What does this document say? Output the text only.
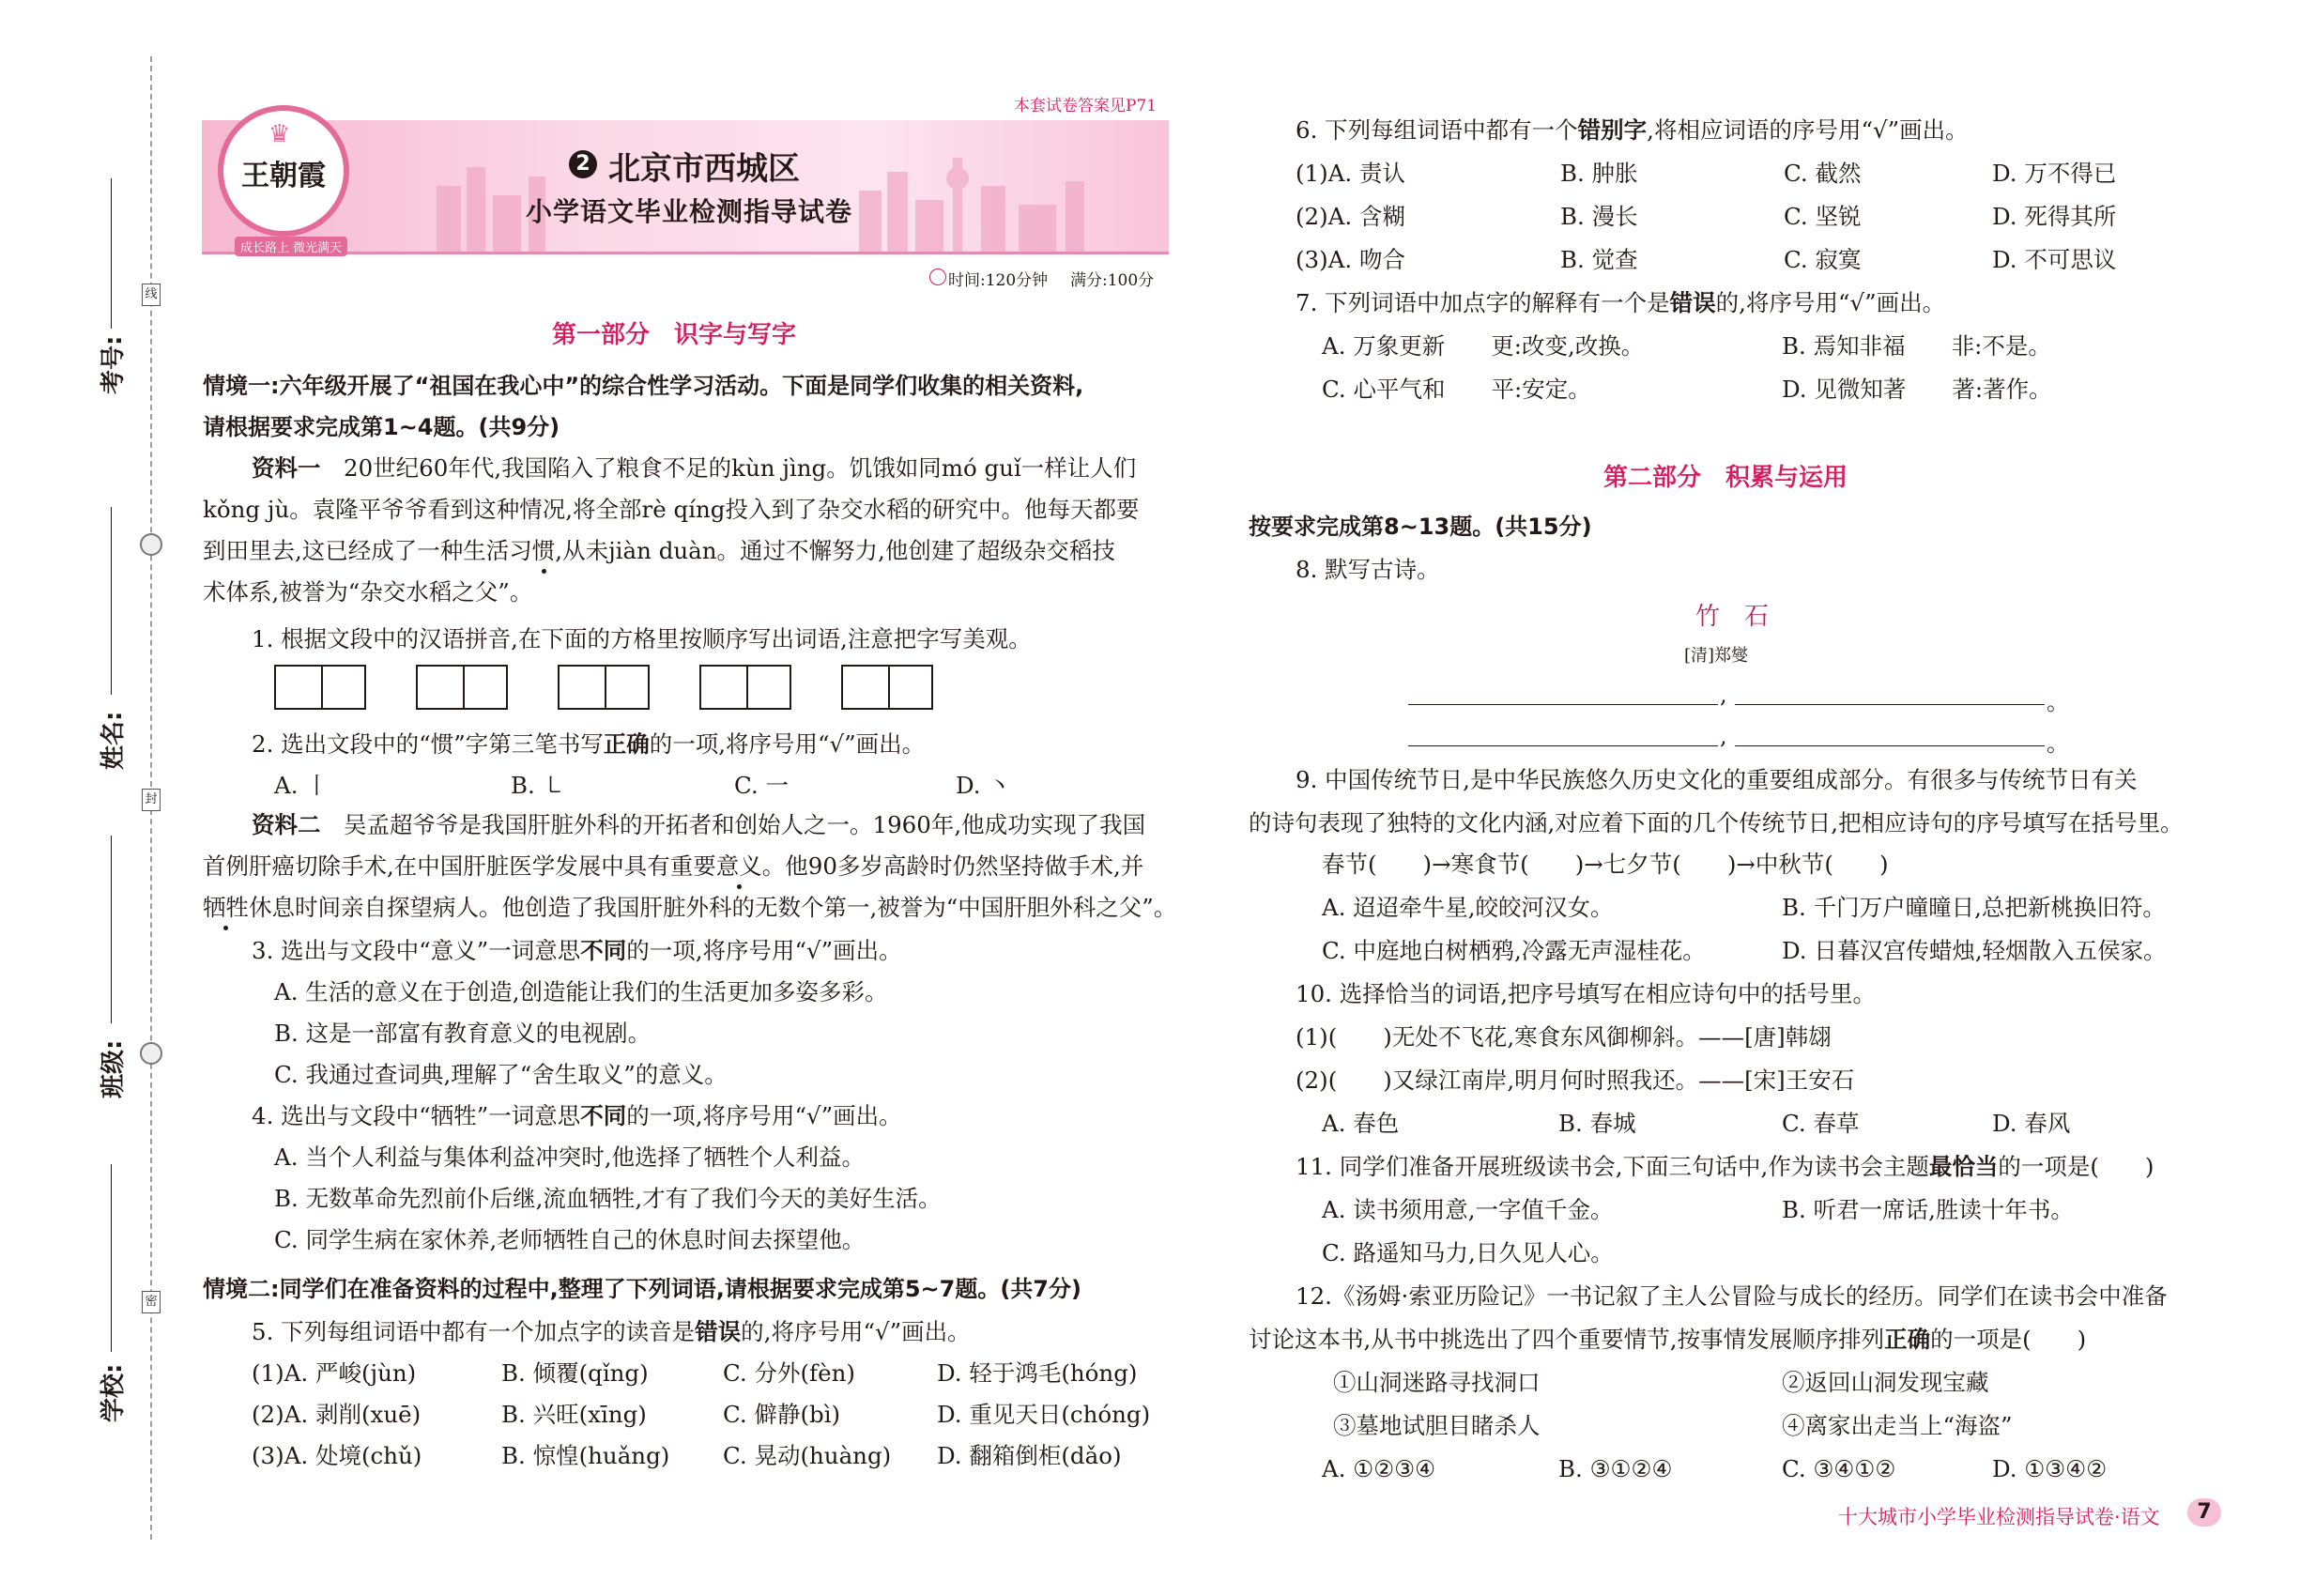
线
封
密
考号:
姓名:
班级:
学校:
本套试卷答案见P71
♛
王朝霞
成长路上 微光满天
2 北京市西城区
小学语文毕业检测指导试卷
时间:120分钟 满分:100分
第一部分　识字与写字
情境一:六年级开展了“祖国在我心中”的综合性学习活动。下面是同学们收集的相关资料,
请根据要求完成第1~4题。(共9分)
资料一　 20世纪60年代,我国陷入了粮食不足的kùn jìng。饥饿如同mó guǐ一样让人们
kǒng jù。袁隆平爷爷看到这种情况,将全部rè qíng投入到了杂交水稻的研究中。他每天都要
到田里去,这已经成了一种生活习惯,从未jiàn duàn。通过不懈努力,他创建了超级杂交稻技
术体系,被誉为“杂交水稻之父”。
1. 根据文段中的汉语拼音,在下面的方格里按顺序写出词语,注意把字写美观。
2. 选出文段中的“惯”字第三笔书写正确的一项,将序号用“√”画出。
A. 丨	B. ㇄	C. 一	D. 丶
资料二　 吴孟超爷爷是我国肝脏外科的开拓者和创始人之一。1960年,他成功实现了我国
首例肝癌切除手术,在中国肝脏医学发展中具有重要意义。他90多岁高龄时仍然坚持做手术,并
牺牲休息时间亲自探望病人。他创造了我国肝脏外科的无数个第一,被誉为“中国肝胆外科之父”。
3. 选出与文段中“意义”一词意思不同的一项,将序号用“√”画出。
A. 生活的意义在于创造,创造能让我们的生活更加多姿多彩。
B. 这是一部富有教育意义的电视剧。
C. 我通过查词典,理解了“舍生取义”的意义。
4. 选出与文段中“牺牲”一词意思不同的一项,将序号用“√”画出。
A. 当个人利益与集体利益冲突时,他选择了牺牲个人利益。
B. 无数革命先烈前仆后继,流血牺牲,才有了我们今天的美好生活。
C. 同学生病在家休养,老师牺牲自己的休息时间去探望他。
情境二:同学们在准备资料的过程中,整理了下列词语,请根据要求完成第5~7题。(共7分)
5. 下列每组词语中都有一个加点字的读音是错误的,将序号用“√”画出。
(1)A. 严峻(jùn)	B. 倾覆(qǐng)	C. 分外(fèn)	D. 轻于鸿毛(hóng)
(2)A. 剥削(xuē)	B. 兴旺(xīng)	C. 僻静(bì)	D. 重见天日(chóng)
(3)A. 处境(chǔ)	B. 惊惶(huǎng) C. 晃动(huàng) D. 翻箱倒柜(dǎo)
6. 下列每组词语中都有一个错别字,将相应词语的序号用“√”画出。
(1)A. 责认	B. 肿胀	C. 截然	D. 万不得已
(2)A. 含糊	B. 漫长	C. 坚锐	D. 死得其所
(3)A. 吻合	B. 觉查	C. 寂寞	D. 不可思议
7. 下列词语中加点字的解释有一个是错误的,将序号用“√”画出。
A. 万象更新　　更:改变,改换。	B. 焉知非福　　非:不是。
C. 心平气和　　平:安定。	D. 见微知著　　著:著作。
第二部分　积累与运用
按要求完成第8~13题。(共15分)
8. 默写古诗。
竹　石
[清]郑燮
,	。
,	。
9. 中国传统节日,是中华民族悠久历史文化的重要组成部分。有很多与传统节日有关
的诗句表现了独特的文化内涵,对应着下面的几个传统节日,把相应诗句的序号填写在括号里。
春节(　　)→寒食节(　　)→七夕节(　　)→中秋节(　　)
A. 迢迢牵牛星,皎皎河汉女。	B. 千门万户曈曈日,总把新桃换旧符。
C. 中庭地白树栖鸦,冷露无声湿桂花。	D. 日暮汉宫传蜡烛,轻烟散入五侯家。
10. 选择恰当的词语,把序号填写在相应诗句中的括号里。
(1)(　　)无处不飞花,寒食东风御柳斜。——[唐]韩翃
(2)(　　)又绿江南岸,明月何时照我还。——[宋]王安石
A. 春色	B. 春城	C. 春草	D. 春风
11. 同学们准备开展班级读书会,下面三句话中,作为读书会主题最恰当的一项是(　　)
A. 读书须用意,一字值千金。	B. 听君一席话,胜读十年书。
C. 路遥知马力,日久见人心。
12.《汤姆·索亚历险记》一书记叙了主人公冒险与成长的经历。同学们在读书会中准备
讨论这本书,从书中挑选出了四个重要情节,按事情发展顺序排列正确的一项是(　　)
①山洞迷路寻找洞口	②返回山洞发现宝藏
③墓地试胆目睹杀人	④离家出走当上“海盗”
A. ①②③④	B. ③①②④	C. ③④①②	D. ①③④②
十大城市小学毕业检测指导试卷·语文	7
